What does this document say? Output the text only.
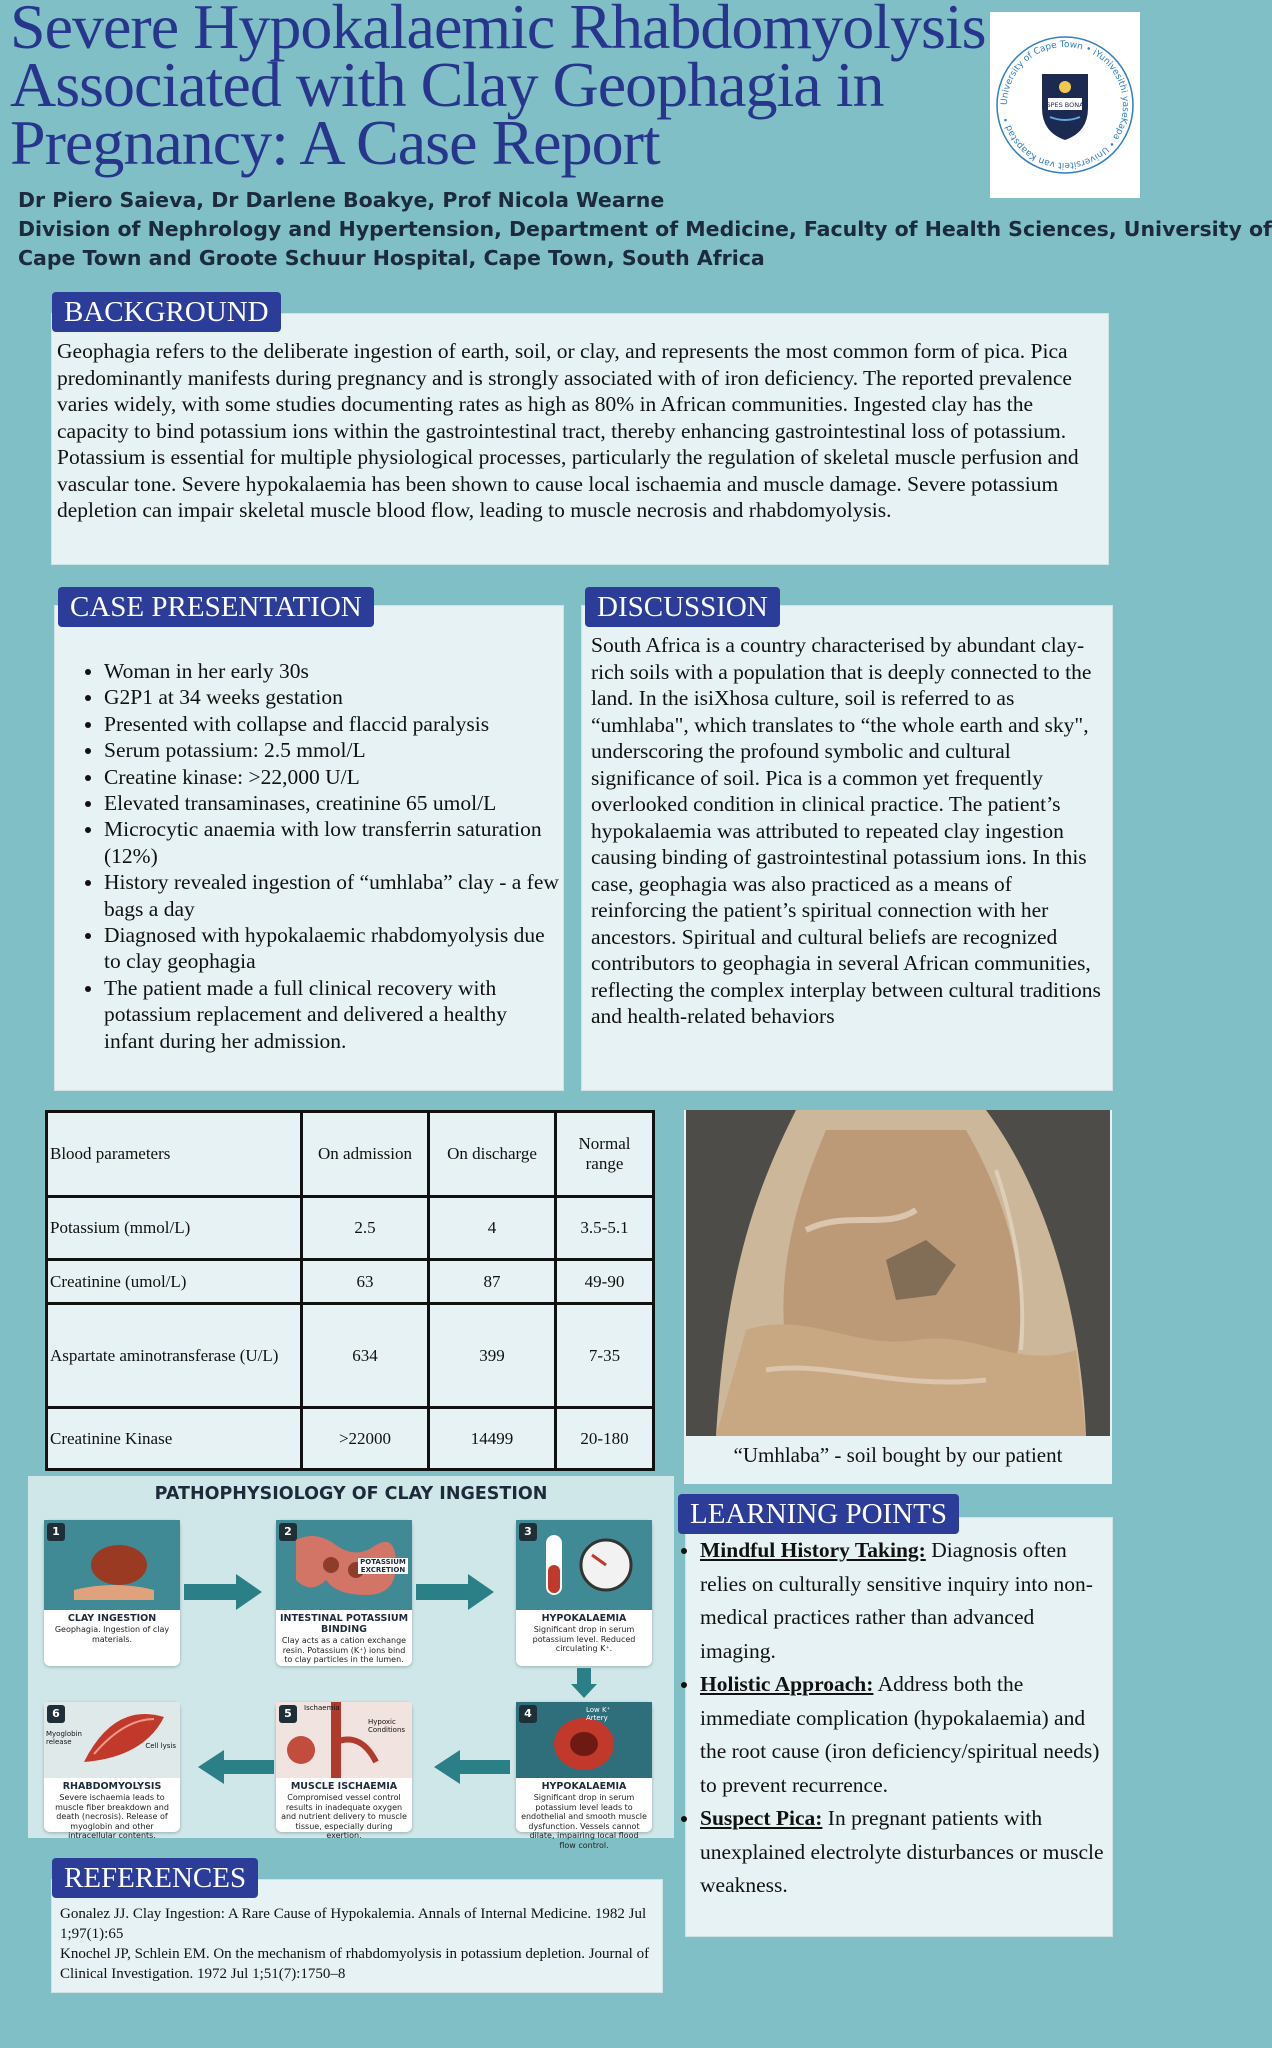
Severe Hypokalaemic Rhabdomyolysis Associated with Clay Geophagia in Pregnancy: A Case Report
University of Cape Town • iYunivesithi yaseKapa • Universiteit van Kaapstad •
SPES BONA
Dr Piero Saieva, Dr Darlene Boakye, Prof Nicola Wearne
Division of Nephrology and Hypertension, Department of Medicine, Faculty of Health Sciences, University of
Cape Town and Groote Schuur Hospital, Cape Town, South Africa
BACKGROUND
Geophagia refers to the deliberate ingestion of earth, soil, or clay, and represents the most common form of pica. Pica predominantly manifests during pregnancy and is strongly associated with of iron deficiency. The reported prevalence varies widely, with some studies documenting rates as high as 80% in African communities. Ingested clay has the capacity to bind potassium ions within the gastrointestinal tract, thereby enhancing gastrointestinal loss of potassium. Potassium is essential for multiple physiological processes, particularly the regulation of skeletal muscle perfusion and vascular tone. Severe hypokalaemia has been shown to cause local ischaemia and muscle damage. Severe potassium depletion can impair skeletal muscle blood flow, leading to muscle necrosis and rhabdomyolysis.
CASE PRESENTATION
• Woman in her early 30s
• G2P1 at 34 weeks gestation
• Presented with collapse and flaccid paralysis
• Serum potassium: 2.5 mmol/L
• Creatine kinase: >22,000 U/L
• Elevated transaminases, creatinine 65 umol/L
• Microcytic anaemia with low transferrin saturation (12%)
• History revealed ingestion of “umhlaba” clay - a few bags a day
• Diagnosed with hypokalaemic rhabdomyolysis due to clay geophagia
• The patient made a full clinical recovery with potassium replacement and delivered a healthy infant during her admission.
DISCUSSION
South Africa is a country characterised by abundant clay-rich soils with a population that is deeply connected to the land. In the isiXhosa culture, soil is referred to as “umhlaba", which translates to “the whole earth and sky", underscoring the profound symbolic and cultural significance of soil. Pica is a common yet frequently overlooked condition in clinical practice. The patient’s hypokalaemia was attributed to repeated clay ingestion causing binding of gastrointestinal potassium ions. In this case, geophagia was also practiced as a means of reinforcing the patient’s spiritual connection with her ancestors. Spiritual and cultural beliefs are recognized contributors to geophagia in several African communities, reflecting the complex interplay between cultural traditions and health-related behaviors
Blood parameters	On admission	On discharge	Normal range
Potassium (mmol/L)	2.5	4	3.5-5.1
Creatinine (umol/L)	63	87	49-90
Aspartate aminotransferase (U/L)	634	399	7-35
Creatinine Kinase	>22000	14499	20-180
“Umhlaba” - soil bought by our patient
PATHOPHYSIOLOGY OF CLAY INGESTION
1
CLAY INGESTION
Geophagia. Ingestion of clay materials.
2
POTASSIUM EXCRETION
INTESTINAL POTASSIUM BINDING
Clay acts as a cation exchange resin. Potassium (K⁺) ions bind to clay particles in the lumen.
3
HYPOKALAEMIA
Significant drop in serum potassium level. Reduced circulating K⁺.
6
Myoglobin release	Cell lysis
RHABDOMYOLYSIS
Severe ischaemia leads to muscle fiber breakdown and death (necrosis). Release of myoglobin and other intracellular contents.
5	Ischaemia
Hypoxic Conditions
MUSCLE ISCHAEMIA
Compromised vessel control results in inadequate oxygen and nutrient delivery to muscle tissue, especially during exertion.
4	Low K⁺ Artery
HYPOKALAEMIA
Significant drop in serum potassium level leads to endothelial and smooth muscle dysfunction. Vessels cannot dilate, impairing local flood flow control.
LEARNING POINTS
• Mindful History Taking: Diagnosis often relies on culturally sensitive inquiry into non-medical practices rather than advanced imaging.
• Holistic Approach: Address both the immediate complication (hypokalaemia) and the root cause (iron deficiency/spiritual needs) to prevent recurrence.
• Suspect Pica: In pregnant patients with unexplained electrolyte disturbances or muscle weakness.
REFERENCES
Gonalez JJ. Clay Ingestion: A Rare Cause of Hypokalemia. Annals of Internal Medicine. 1982 Jul 1;97(1):65
Knochel JP, Schlein EM. On the mechanism of rhabdomyolysis in potassium depletion. Journal of Clinical Investigation. 1972 Jul 1;51(7):1750–8
